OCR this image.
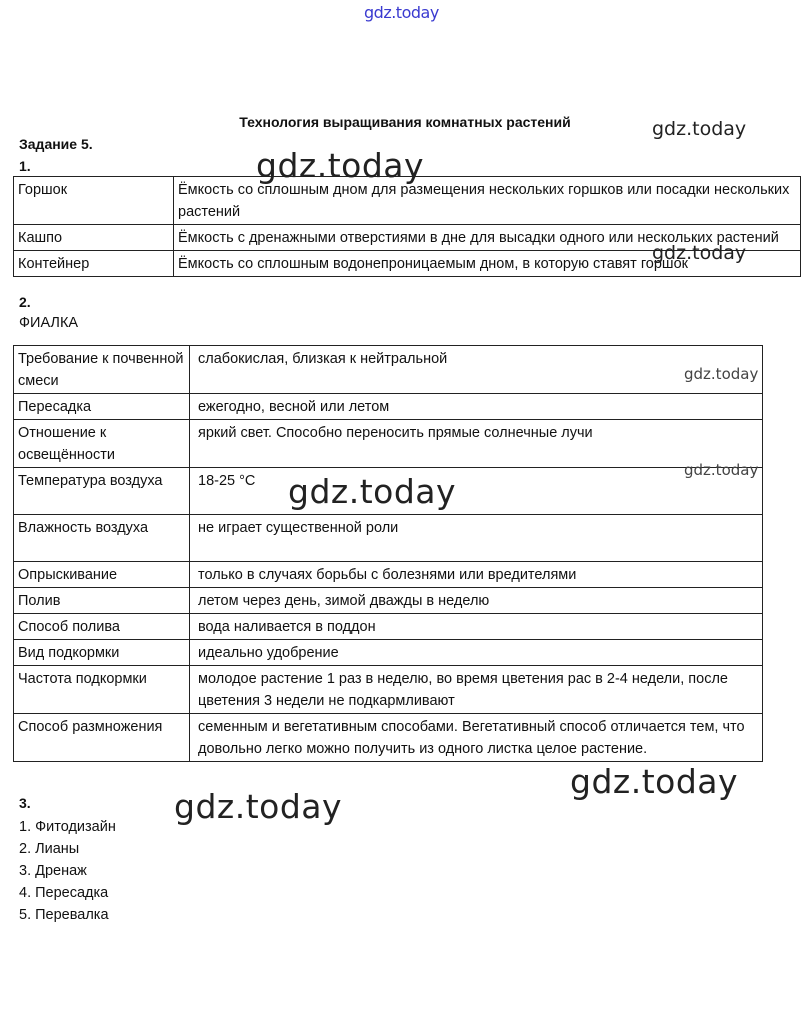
gdz.today
Технология выращивания комнатных растений
Задание 5.
1.
Горшок	Ёмкость со сплошным дном для размещения нескольких горшков или посадки нескольких растений
Кашпо	Ёмкость с дренажными отверстиями в дне для высадки одного или нескольких растений
Контейнер	Ёмкость со сплошным водонепроницаемым дном, в которую ставят горшок
2.
ФИАЛКА
Требование к почвенной смеси	слабокислая, близкая к нейтральной
Пересадка	ежегодно, весной или летом
Отношение к освещённости	яркий свет. Способно переносить прямые солнечные лучи
Температура воздуха	18-25 °С
Влажность воздуха	не играет существенной роли
Опрыскивание	только в случаях борьбы с болезнями или вредителями
Полив	летом через день, зимой дважды в неделю
Способ полива	вода наливается в поддон
Вид подкормки	идеально удобрение
Частота подкормки	молодое растение 1 раз в неделю, во время цветения рас в 2-4 недели, после цветения 3 недели не подкармливают
Способ размножения	семенным и вегетативным способами. Вегетативный способ отличается тем, что довольно легко можно получить из одного листка целое растение.
3.
1. Фитодизайн
2. Лианы
3. Дренаж
4. Пересадка
5. Перевалка
gdz.today
gdz.today
gdz.today
gdz.today
gdz.today
gdz.today
gdz.today
gdz.today
